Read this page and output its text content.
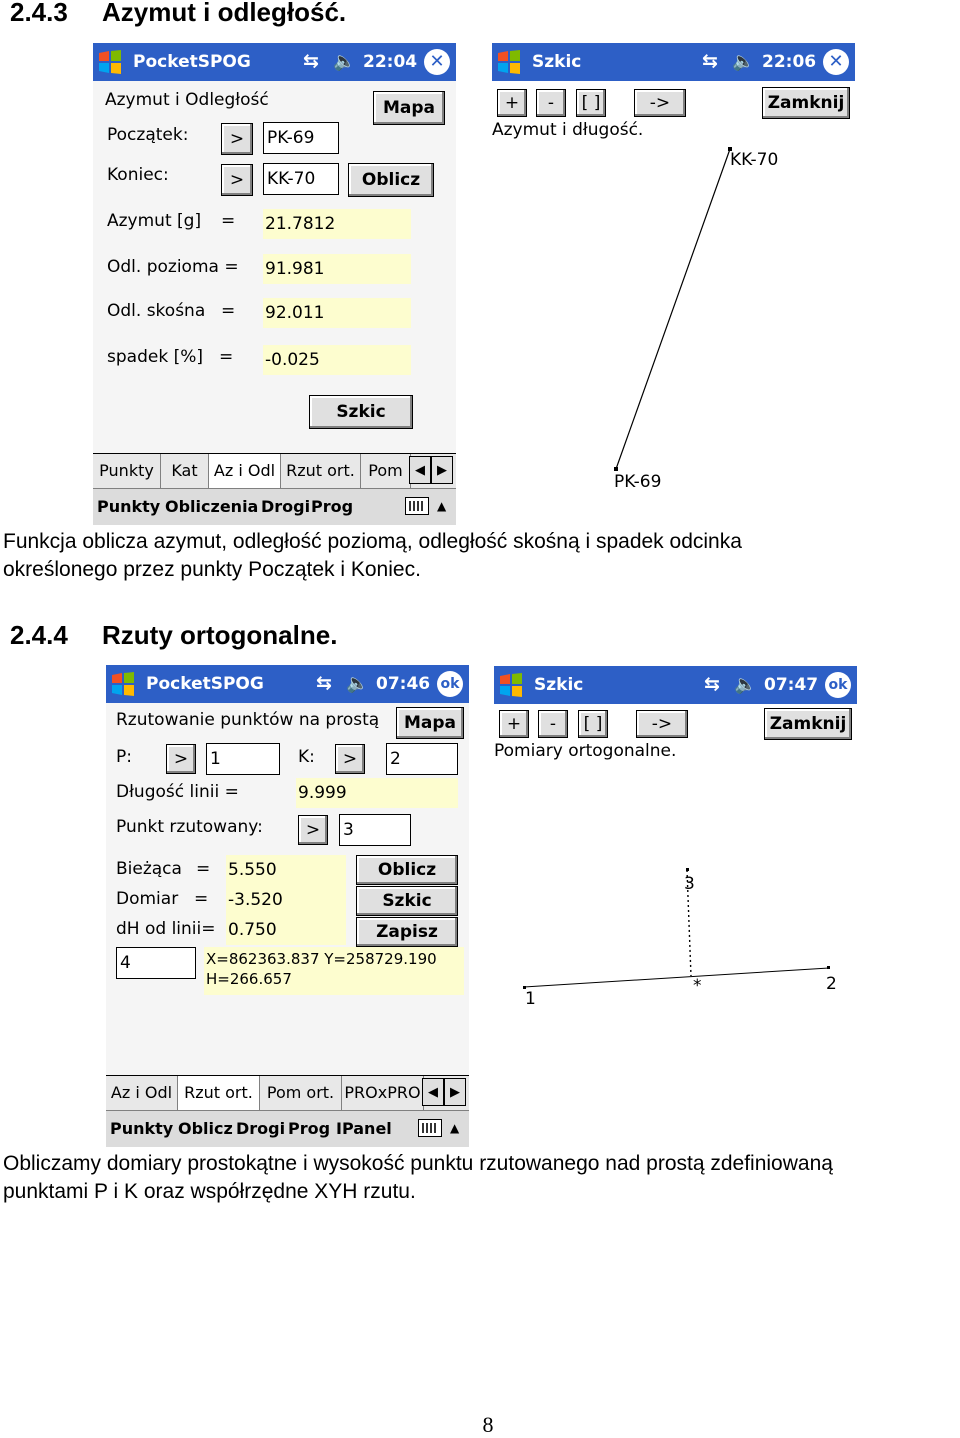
2.4.3 Azymut i odległość.
PocketSPOG	⇆ 🔈 22:04 ✕
Azymut i Odległość	Mapa
Początek:	>	PK-69
Koniec:	>	KK-70	Oblicz
Azymut [g] = 21.7812
Odl. pozioma = 91.981
Odl. skośna = 92.011
spadek [%] = -0.025
Szkic
Punkty	Kat	Az i Odl Rzut ort. Pom ◀ ▶
Punkty Obliczenia Drogi Prog	▲
Szkic	⇆ 🔈 22:06 ✕
+	-	[ ]	->	Zamknij
Azymut i długość.
KK-70
PK-69
Funkcja oblicza azymut, odległość poziomą, odległość skośną i spadek odcinka
określonego przez punkty Początek i Koniec.
2.4.4 Rzuty ortogonalne.
PocketSPOG	⇆ 🔈 07:46 ok
Rzutowanie punktów na prostą	Mapa
P:	>	1	K:	>	2
Długość linii =	9.999
Punkt rzutowany:	>	3
Bieżąca = 5.550
Domiar = -3.520
dH od linii= 0.750
Oblicz
Szkic
Zapisz
4	X=862363.837 Y=258729.190
H=266.657
Az i Odl Rzut ort. Pom ort. PROxPRO ◀ ▶
Punkty Oblicz Drogi Prog IPanel	▲
Szkic	⇆ 🔈 07:47 ok
+	-	[ ]	->	Zamknij
Pomiary ortogonalne.
1
2
3
*
Obliczamy domiary prostokątne i wysokość punktu rzutowanego nad prostą zdefiniowaną
punktami P i K oraz współrzędne XYH rzutu.
8
